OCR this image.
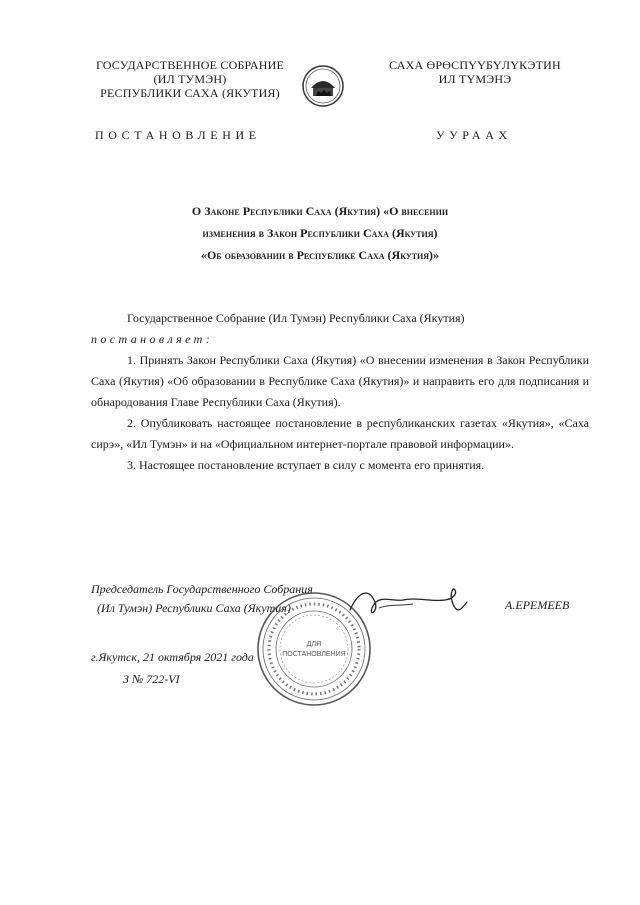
ГОСУДАРСТВЕННОЕ СОБРАНИЕ
(ИЛ ТУМЭН)
РЕСПУБЛИКИ САХА (ЯКУТИЯ)
САХА ӨРӨСПҮҮБҮЛҮКЭТИН
ИЛ ТҮМЭНЭ
ПОСТАНОВЛЕНИЕ	УУРААХ
О Законе Республики Саха (Якутия) «О внесении
изменения в Закон Республики Саха (Якутия)
«Об образовании в Республике Саха (Якутия)»

Государственное Собрание (Ил Тумэн) Республики Саха (Якутия)

постановляет:

1. Принять Закон Республики Саха (Якутия) «О внесении изменения в Закон Республики Саха (Якутия) «Об образовании в Республике Саха (Якутия)» и направить его для подписания и обнародования Главе Республики Саха (Якутия).

2. Опубликовать настоящее постановление в республиканских газетах «Якутия», «Саха сирэ», «Ил Тумэн» и на «Официальном интернет-портале правовой информации».

3. Настоящее постановление вступает в силу с момента его принятия.

Председатель Государственного Собрания
(Ил Тумэн) Республики Саха (Якутия)	А.ЕРЕМЕЕВ
г.Якутск, 21 октября 2021 года
З № 722-VI
ДЛЯ
ПОСТАНОВЛЕНИЯ
